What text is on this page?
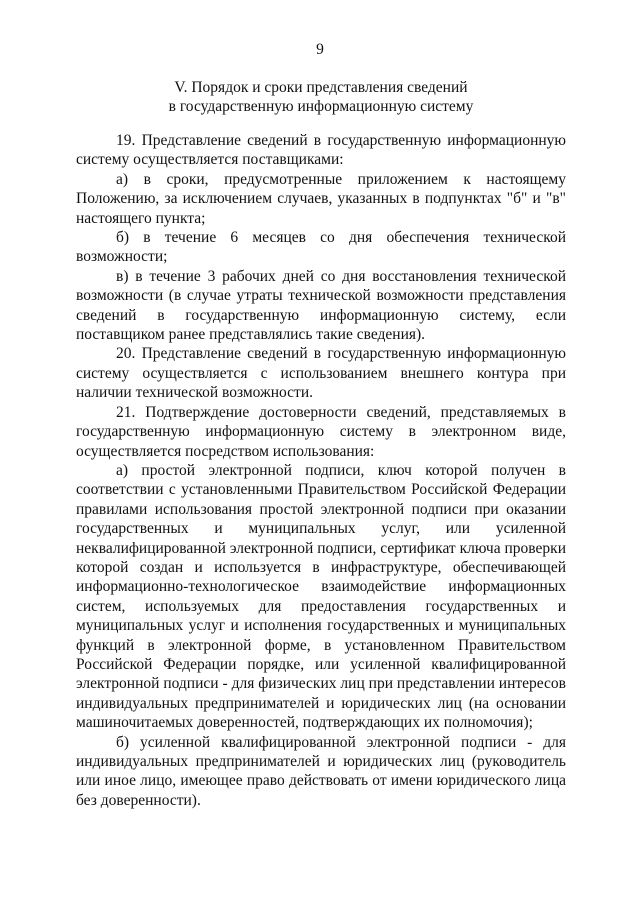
9
V. Порядок и сроки представления сведений
в государственную информационную систему

19. Представление сведений в государственную информационную систему осуществляется поставщиками:

а) в сроки, предусмотренные приложением к настоящему Положению, за исключением случаев, указанных в подпунктах "б" и "в" настоящего пункта;

б) в течение 6 месяцев со дня обеспечения технической возможности;

в) в течение 3 рабочих дней со дня восстановления технической возможности (в случае утраты технической возможности представления сведений в государственную информационную систему, если поставщиком ранее представлялись такие сведения).

20. Представление сведений в государственную информационную систему осуществляется с использованием внешнего контура при наличии технической возможности.

21. Подтверждение достоверности сведений, представляемых в государственную информационную систему в электронном виде, осуществляется посредством использования:

а) простой электронной подписи, ключ которой получен в соответствии с установленными Правительством Российской Федерации правилами использования простой электронной подписи при оказании государственных и муниципальных услуг, или усиленной неквалифицированной электронной подписи, сертификат ключа проверки которой создан и используется в инфраструктуре, обеспечивающей информационно-технологическое взаимодействие информационных систем, используемых для предоставления государственных и муниципальных услуг и исполнения государственных и муниципальных функций в электронной форме, в установленном Правительством Российской Федерации порядке, или усиленной квалифицированной электронной подписи - для физических лиц при представлении интересов индивидуальных предпринимателей и юридических лиц (на основании машиночитаемых доверенностей, подтверждающих их полномочия);

б) усиленной квалифицированной электронной подписи - для индивидуальных предпринимателей и юридических лиц (руководитель или иное лицо, имеющее право действовать от имени юридического лица без доверенности).
